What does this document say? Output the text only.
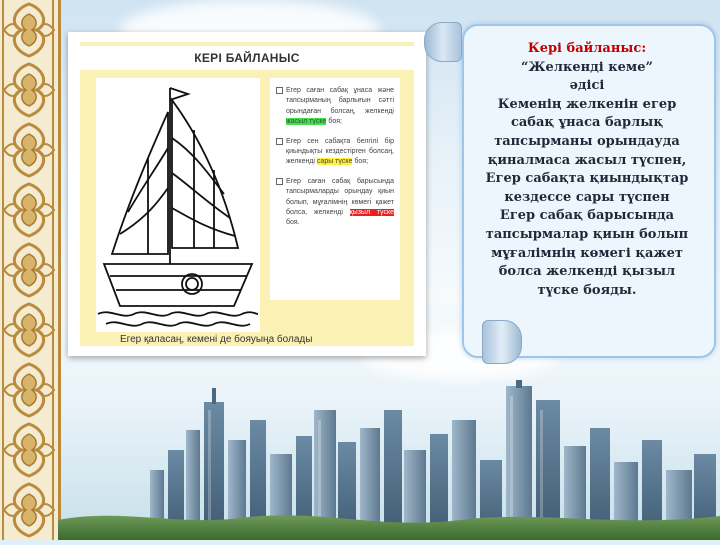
КЕРІ БАЙЛАНЫС

Егер саған сабақ ұнаса және тапсырманың барлығын сәтті орындаған болсаң, желкенді жасыл түске боя;

Егер сен сабақта белгілі бір қиындықты кездестірген болсаң, желкенді сары түске боя;

Егер саған сабақ барысында тапсырмаларды орындау қиын болып, мұғалімнің көмегі қажет болса, желкенді қызыл түске боя.

Егер қаласаң, кемені де бояуыңа болады
Кері байланыс:
“Желкенді кеме”
әдісі
Кеменің желкенін егер
сабақ ұнаса барлық
тапсырманы орындауда
қиналмаса жасыл түспен,
Егер сабақта қиындықтар
кездессе сары түспен
Егер сабақ барысында
тапсырмалар қиын болып
мұғалімнің көмегі қажет
болса желкенді қызыл
түске бояды.
